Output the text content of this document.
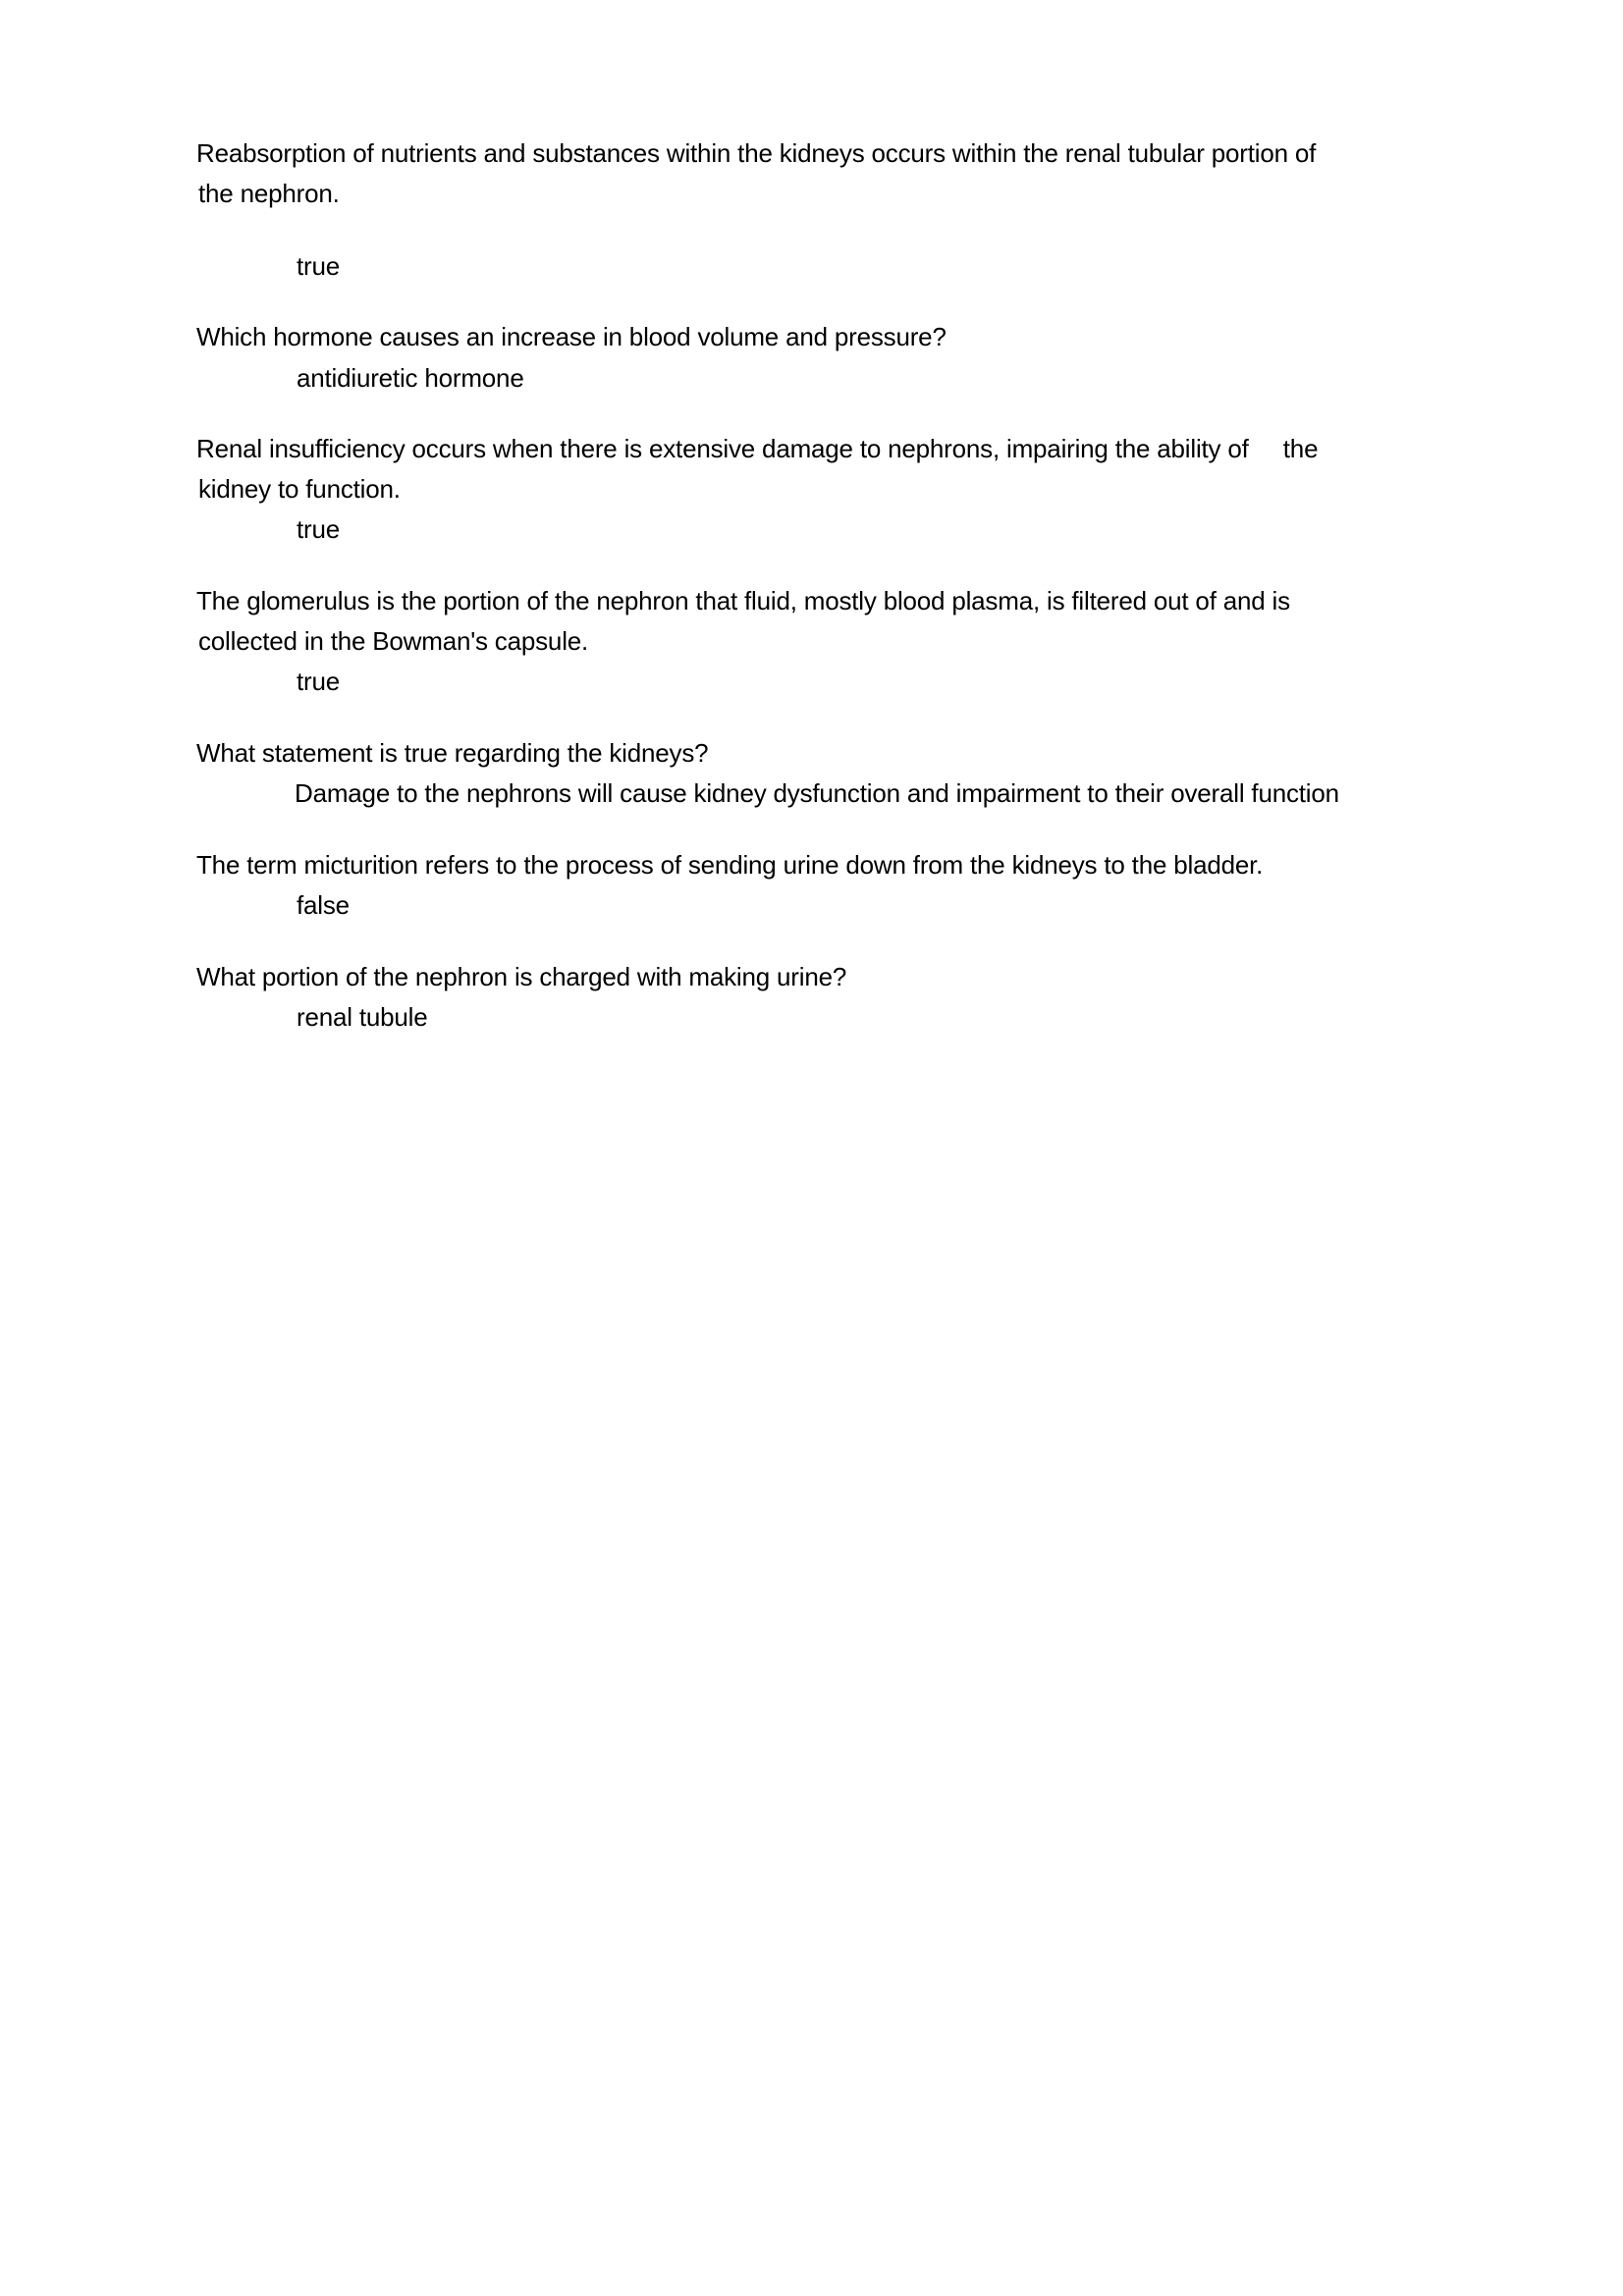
Reabsorption of nutrients and substances within the kidneys occurs within the renal tubular portion of
the nephron.
true
Which hormone causes an increase in blood volume and pressure?
antidiuretic hormone
Renal insufficiency occurs when there is extensive damage to nephrons, impairing the ability of     the
kidney to function.
true
The glomerulus is the portion of the nephron that fluid, mostly blood plasma, is filtered out of and is
collected in the Bowman's capsule.
true
What statement is true regarding the kidneys?
Damage to the nephrons will cause kidney dysfunction and impairment to their overall function
The term micturition refers to the process of sending urine down from the kidneys to the bladder.
false
What portion of the nephron is charged with making urine?
renal tubule
